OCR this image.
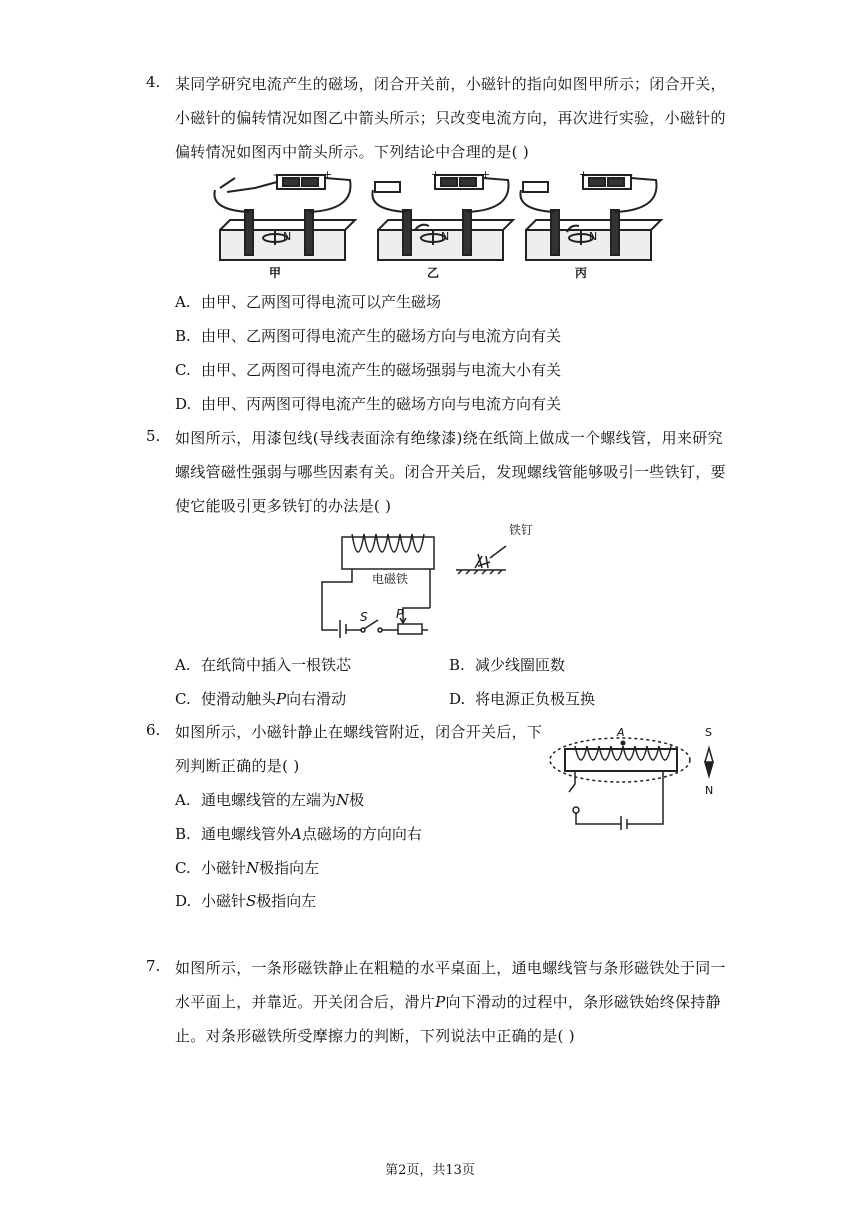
4. 某同学研究电流产生的磁场，闭合开关前，小磁针的指向如图甲所示；闭合开关，
小磁针的偏转情况如图乙中箭头所示；只改变电流方向，再次进行实验，小磁针的
偏转情况如图丙中箭头所示。下列结论中合理的是( )
N	N	N
-	+	+	+	+	-
甲	乙	丙
A. 由甲、乙两图可得电流可以产生磁场
B. 由甲、乙两图可得电流产生的磁场方向与电流方向有关
C. 由甲、乙两图可得电流产生的磁场强弱与电流大小有关
D. 由甲、丙两图可得电流产生的磁场方向与电流方向有关
5. 如图所示，用漆包线(导线表面涂有绝缘漆)绕在纸筒上做成一个螺线管，用来研究
螺线管磁性强弱与哪些因素有关。闭合开关后，发现螺线管能够吸引一些铁钉，要
使它能吸引更多铁钉的办法是( )
电磁铁
铁钉
S P
A. 在纸筒中插入一根铁芯	B. 减少线圈匝数
C. 使滑动触头P向右滑动	D. 将电源正负极互换
6. 如图所示，小磁针静止在螺线管附近，闭合开关后，下
列判断正确的是( )
A	S
N
A. 通电螺线管的左端为N极
B. 通电螺线管外A点磁场的方向向右
C. 小磁针N极指向左
D. 小磁针S极指向左
7. 如图所示，一条形磁铁静止在粗糙的水平桌面上，通电螺线管与条形磁铁处于同一
水平面上，并靠近。开关闭合后，滑片P向下滑动的过程中，条形磁铁始终保持静
止。对条形磁铁所受摩擦力的判断，下列说法中正确的是( )
第2页，共13页
